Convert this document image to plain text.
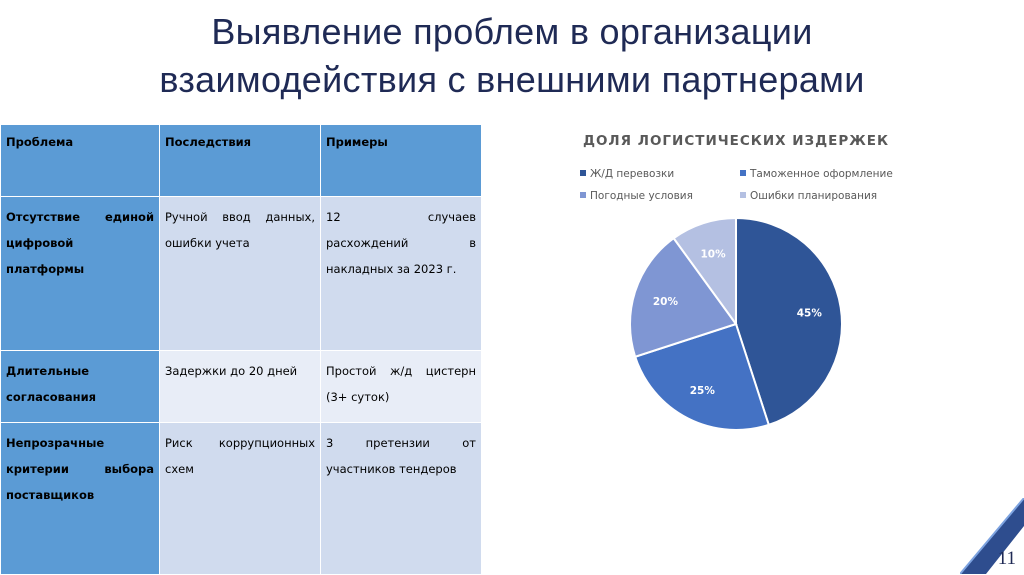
Выявление проблем в организации
взаимодействия с внешними партнерами
Проблема	Последствия	Примеры
Отсутствие единой цифровой платформы	Ручной ввод данных, ошибки учета	12 случаев расхождений в накладных за 2023 г.
Длительные согласования	Задержки до 20 дней	Простой ж/д цистерн (3+ суток)
Непрозрачные критерии выбора поставщиков	Риск коррупционных схем	3 претензии от участников тендеров
ДОЛЯ ЛОГИСТИЧЕСКИХ ИЗДЕРЖЕК
Ж/Д перевозки	Таможенное оформление
Погодные условия	Ошибки планирования
45%
25%
20%
10%
11
